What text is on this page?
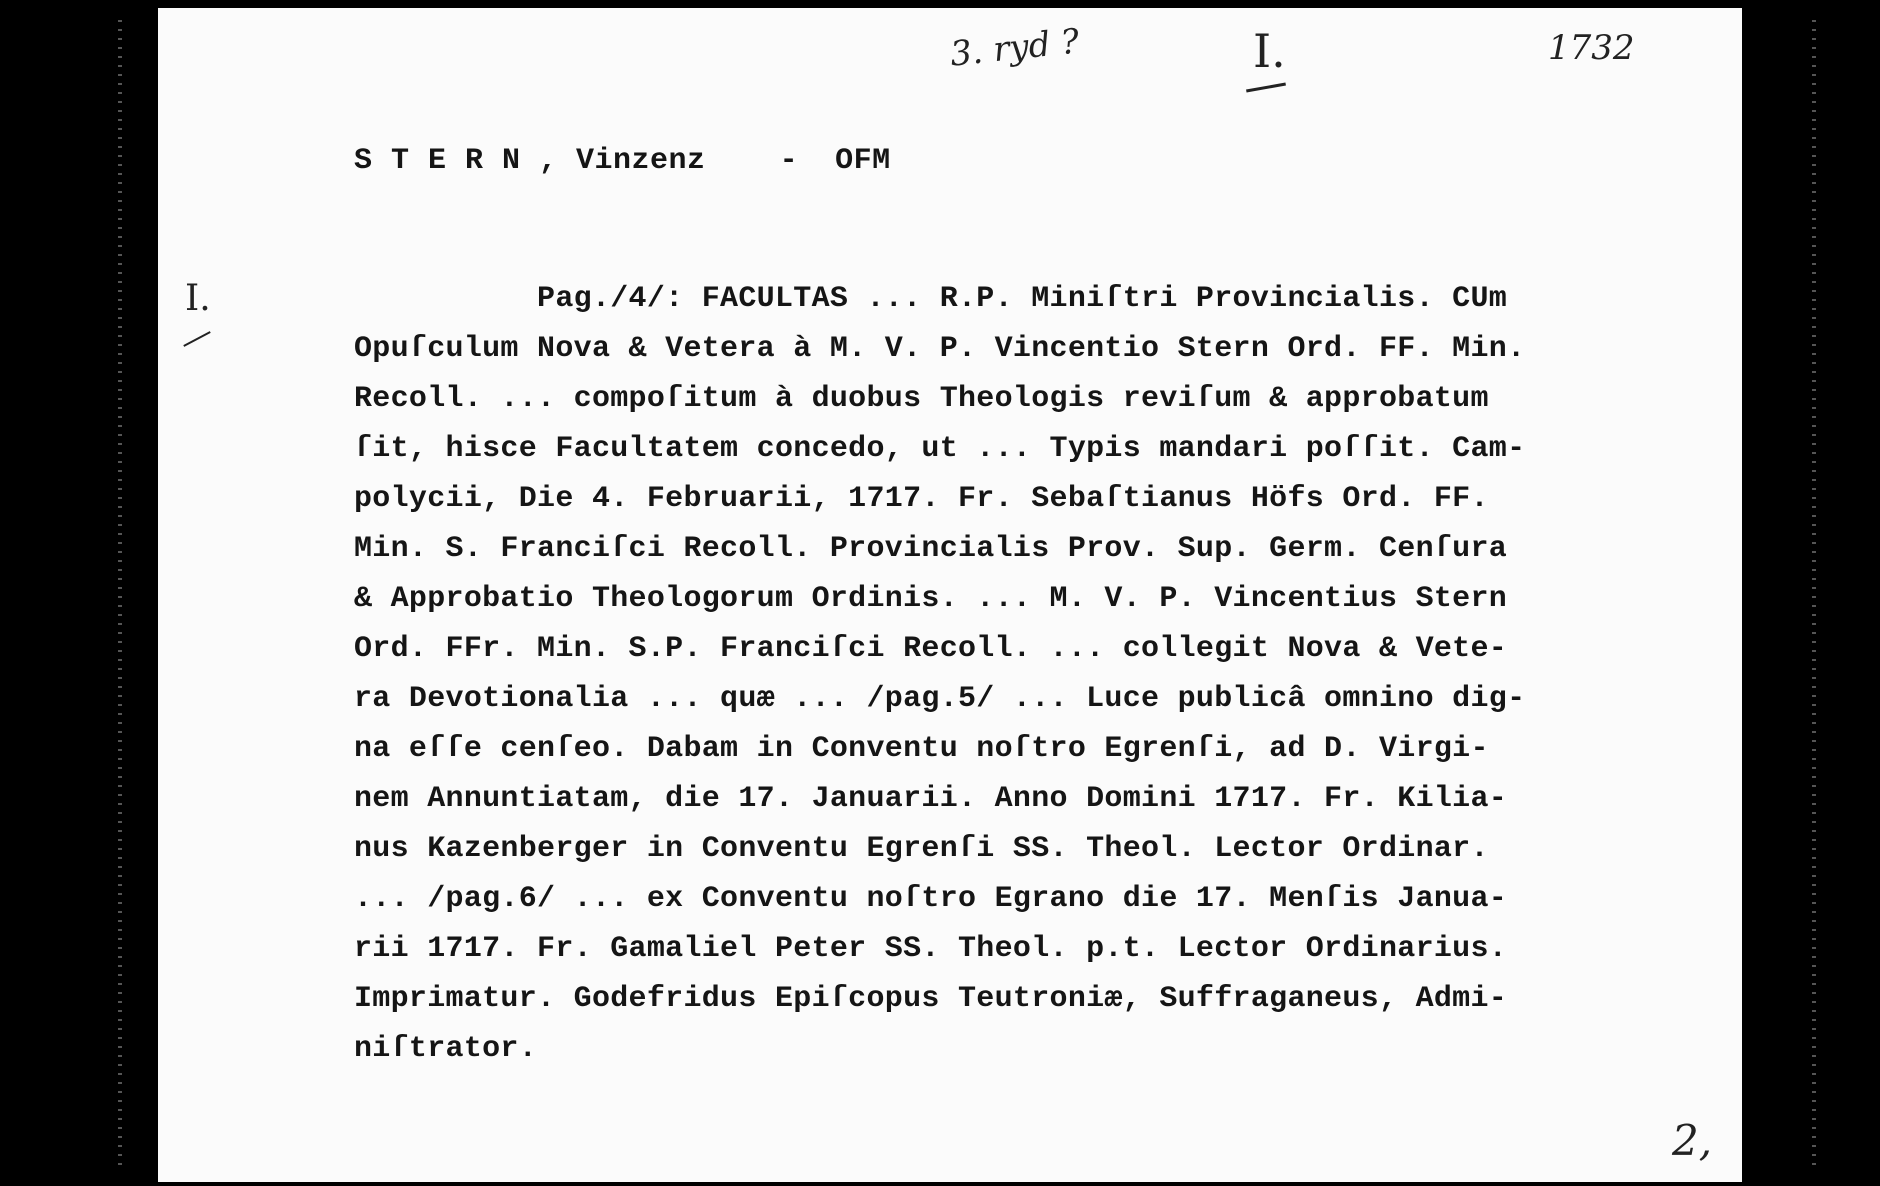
3. ryd ?	I.	1732
I.
2,
S T E R N , Vinzenz    -  OFM
Pag./4/: FACULTAS ... R.P. Miniſtri Provincialis. CUm
Opuſculum Nova & Vetera à M. V. P. Vincentio Stern Ord. FF. Min.
Recoll. ... compoſitum à duobus Theologis reviſum & approbatum
ſit, hisce Facultatem concedo, ut ... Typis mandari poſſit. Cam-
polycii, Die 4. Februarii, 1717. Fr. Sebaſtianus Höfs Ord. FF.
Min. S. Franciſci Recoll. Provincialis Prov. Sup. Germ. Cenſura
& Approbatio Theologorum Ordinis. ... M. V. P. Vincentius Stern
Ord. FFr. Min. S.P. Franciſci Recoll. ... collegit Nova & Vete-
ra Devotionalia ... quæ ... /pag.5/ ... Luce publicâ omnino dig-
na eſſe cenſeo. Dabam in Conventu noſtro Egrenſi, ad D. Virgi-
nem Annuntiatam, die 17. Januarii. Anno Domini 1717. Fr. Kilia-
nus Kazenberger in Conventu Egrenſi SS. Theol. Lector Ordinar.
... /pag.6/ ... ex Conventu noſtro Egrano die 17. Menſis Janua-
rii 1717. Fr. Gamaliel Peter SS. Theol. p.t. Lector Ordinarius.
Imprimatur. Godefridus Epiſcopus Teutroniæ, Suffraganeus, Admi-
niſtrator.
